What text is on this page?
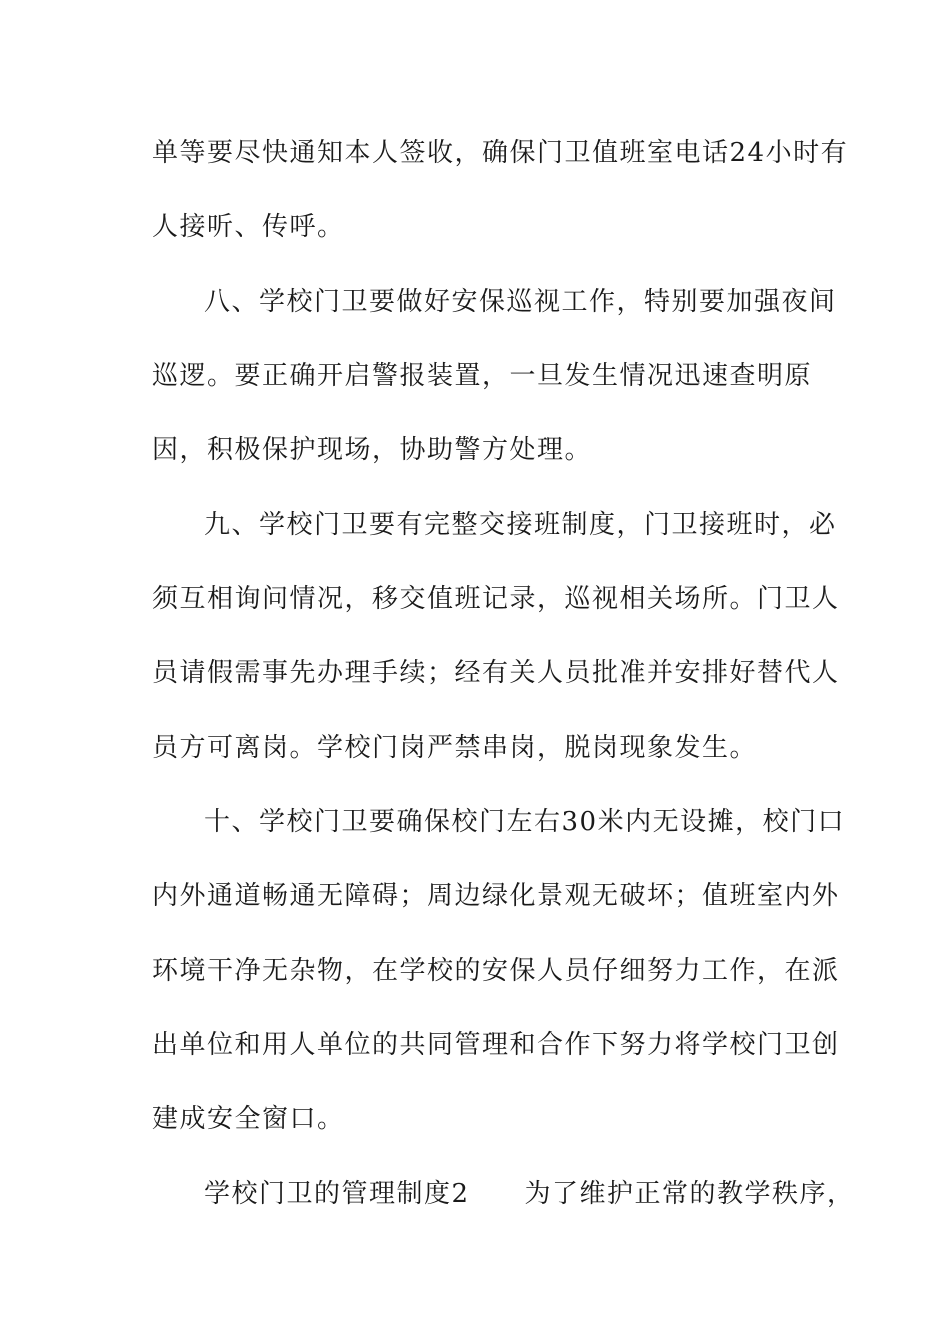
单等要尽快通知本人签收，确保门卫值班室电话24小时有
人接听、传呼。
八、学校门卫要做好安保巡视工作，特别要加强夜间
巡逻。要正确开启警报装置，一旦发生情况迅速查明原
因，积极保护现场，协助警方处理。
九、学校门卫要有完整交接班制度，门卫接班时，必
须互相询问情况，移交值班记录，巡视相关场所。门卫人
员请假需事先办理手续；经有关人员批准并安排好替代人
员方可离岗。学校门岗严禁串岗，脱岗现象发生。
十、学校门卫要确保校门左右30米内无设摊，校门口
内外通道畅通无障碍；周边绿化景观无破坏；值班室内外
环境干净无杂物，在学校的安保人员仔细努力工作，在派
出单位和用人单位的共同管理和合作下努力将学校门卫创
建成安全窗口。
学校门卫的管理制度2　　为了维护正常的教学秩序，
